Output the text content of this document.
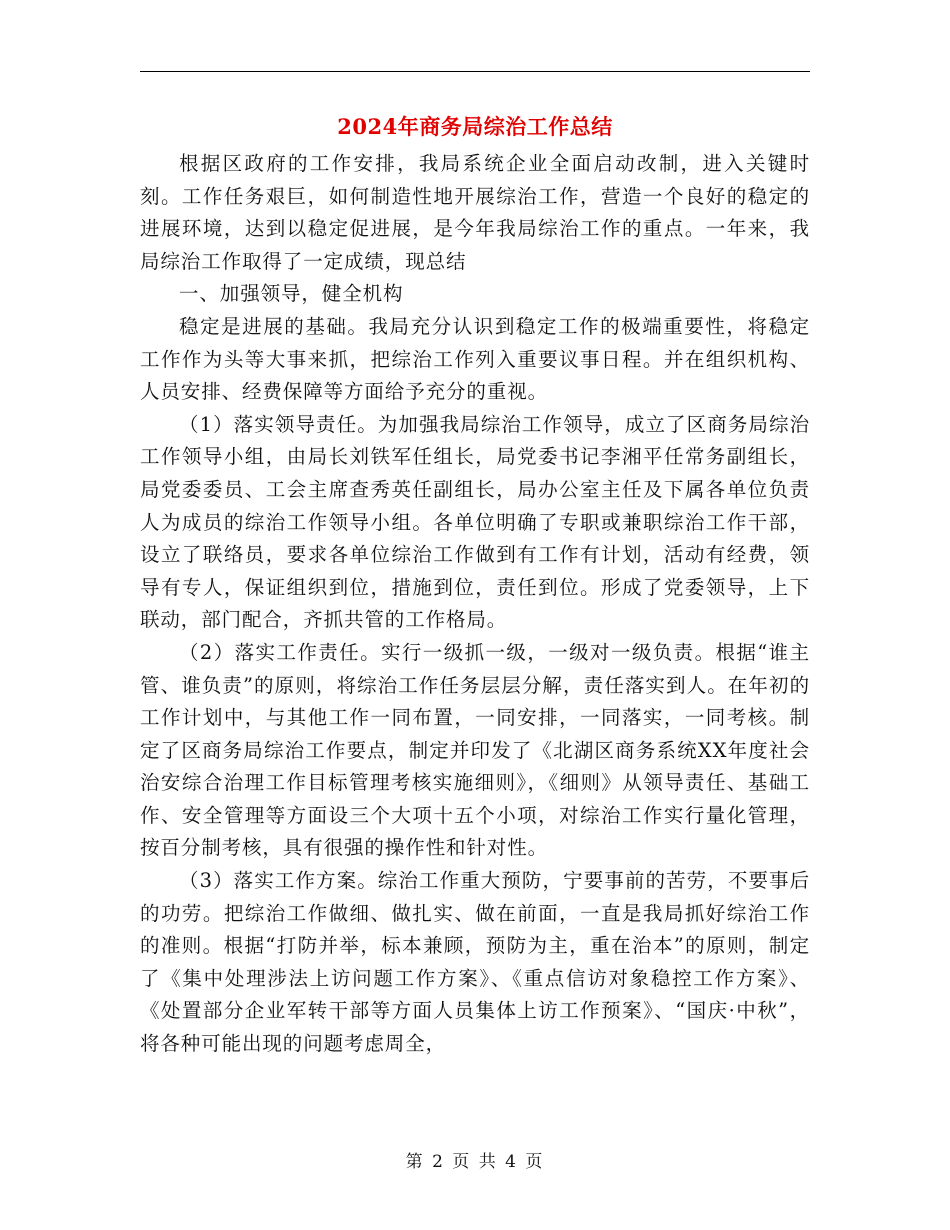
2024年商务局综治工作总结

根据区政府的工作安排，我局系统企业全面启动改制，进入关键时刻。工作任务艰巨，如何制造性地开展综治工作，营造一个良好的稳定的进展环境，达到以稳定促进展，是今年我局综治工作的重点。一年来，我局综治工作取得了一定成绩，现总结

一、加强领导，健全机构

稳定是进展的基础。我局充分认识到稳定工作的极端重要性，将稳定工作作为头等大事来抓，把综治工作列入重要议事日程。并在组织机构、人员安排、经费保障等方面给予充分的重视。

（1）落实领导责任。为加强我局综治工作领导，成立了区商务局综治工作领导小组，由局长刘铁军任组长，局党委书记李湘平任常务副组长，局党委委员、工会主席查秀英任副组长，局办公室主任及下属各单位负责人为成员的综治工作领导小组。各单位明确了专职或兼职综治工作干部，设立了联络员，要求各单位综治工作做到有工作有计划，活动有经费，领导有专人，保证组织到位，措施到位，责任到位。形成了党委领导，上下联动，部门配合，齐抓共管的工作格局。

（2）落实工作责任。实行一级抓一级，一级对一级负责。根据“谁主管、谁负责”的原则，将综治工作任务层层分解，责任落实到人。在年初的工作计划中，与其他工作一同布置，一同安排，一同落实，一同考核。制定了区商务局综治工作要点，制定并印发了《北湖区商务系统XX年度社会治安综合治理工作目标管理考核实施细则》，《细则》从领导责任、基础工作、安全管理等方面设三个大项十五个小项，对综治工作实行量化管理，按百分制考核，具有很强的操作性和针对性。

（3）落实工作方案。综治工作重大预防，宁要事前的苦劳，不要事后的功劳。把综治工作做细、做扎实、做在前面，一直是我局抓好综治工作的准则。根据“打防并举，标本兼顾，预防为主，重在治本”的原则，制定了《集中处理涉法上访问题工作方案》、《重点信访对象稳控工作方案》、《处置部分企业军转干部等方面人员集体上访工作预案》、“国庆·中秋”，将各种可能出现的问题考虑周全，

第 2 页 共 4 页
